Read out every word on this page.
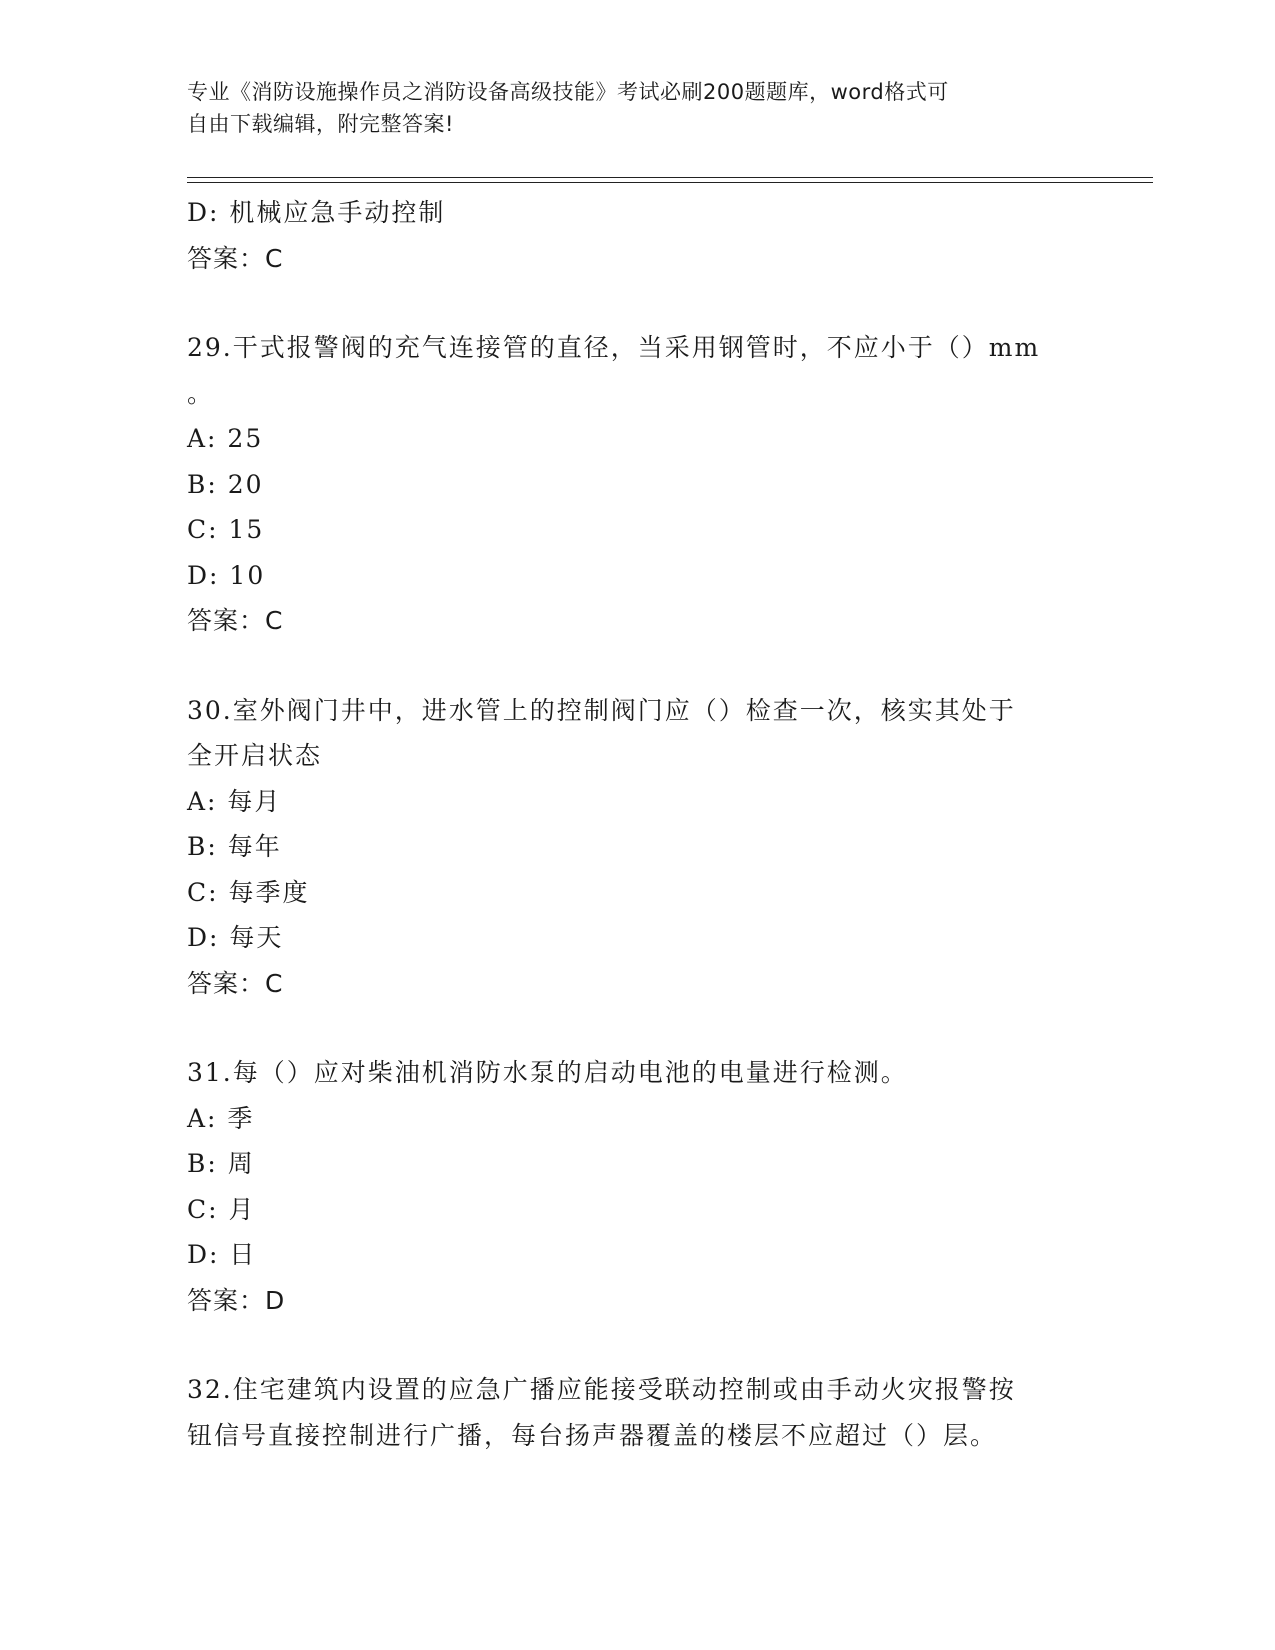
专业《消防设施操作员之消防设备高级技能》考试必刷200题题库，word格式可
自由下载编辑，附完整答案!
D: 机械应急手动控制
答案：C
29.干式报警阀的充气连接管的直径，当采用钢管时，不应小于（）mm
。
A: 25
B: 20
C: 15
D: 10
答案：C
30.室外阀门井中，进水管上的控制阀门应（）检查一次，核实其处于
全开启状态
A: 每月
B: 每年
C: 每季度
D: 每天
答案：C
31.每（）应对柴油机消防水泵的启动电池的电量进行检测。
A: 季
B: 周
C: 月
D: 日
答案：D
32.住宅建筑内设置的应急广播应能接受联动控制或由手动火灾报警按
钮信号直接控制进行广播，每台扬声器覆盖的楼层不应超过（）层。
